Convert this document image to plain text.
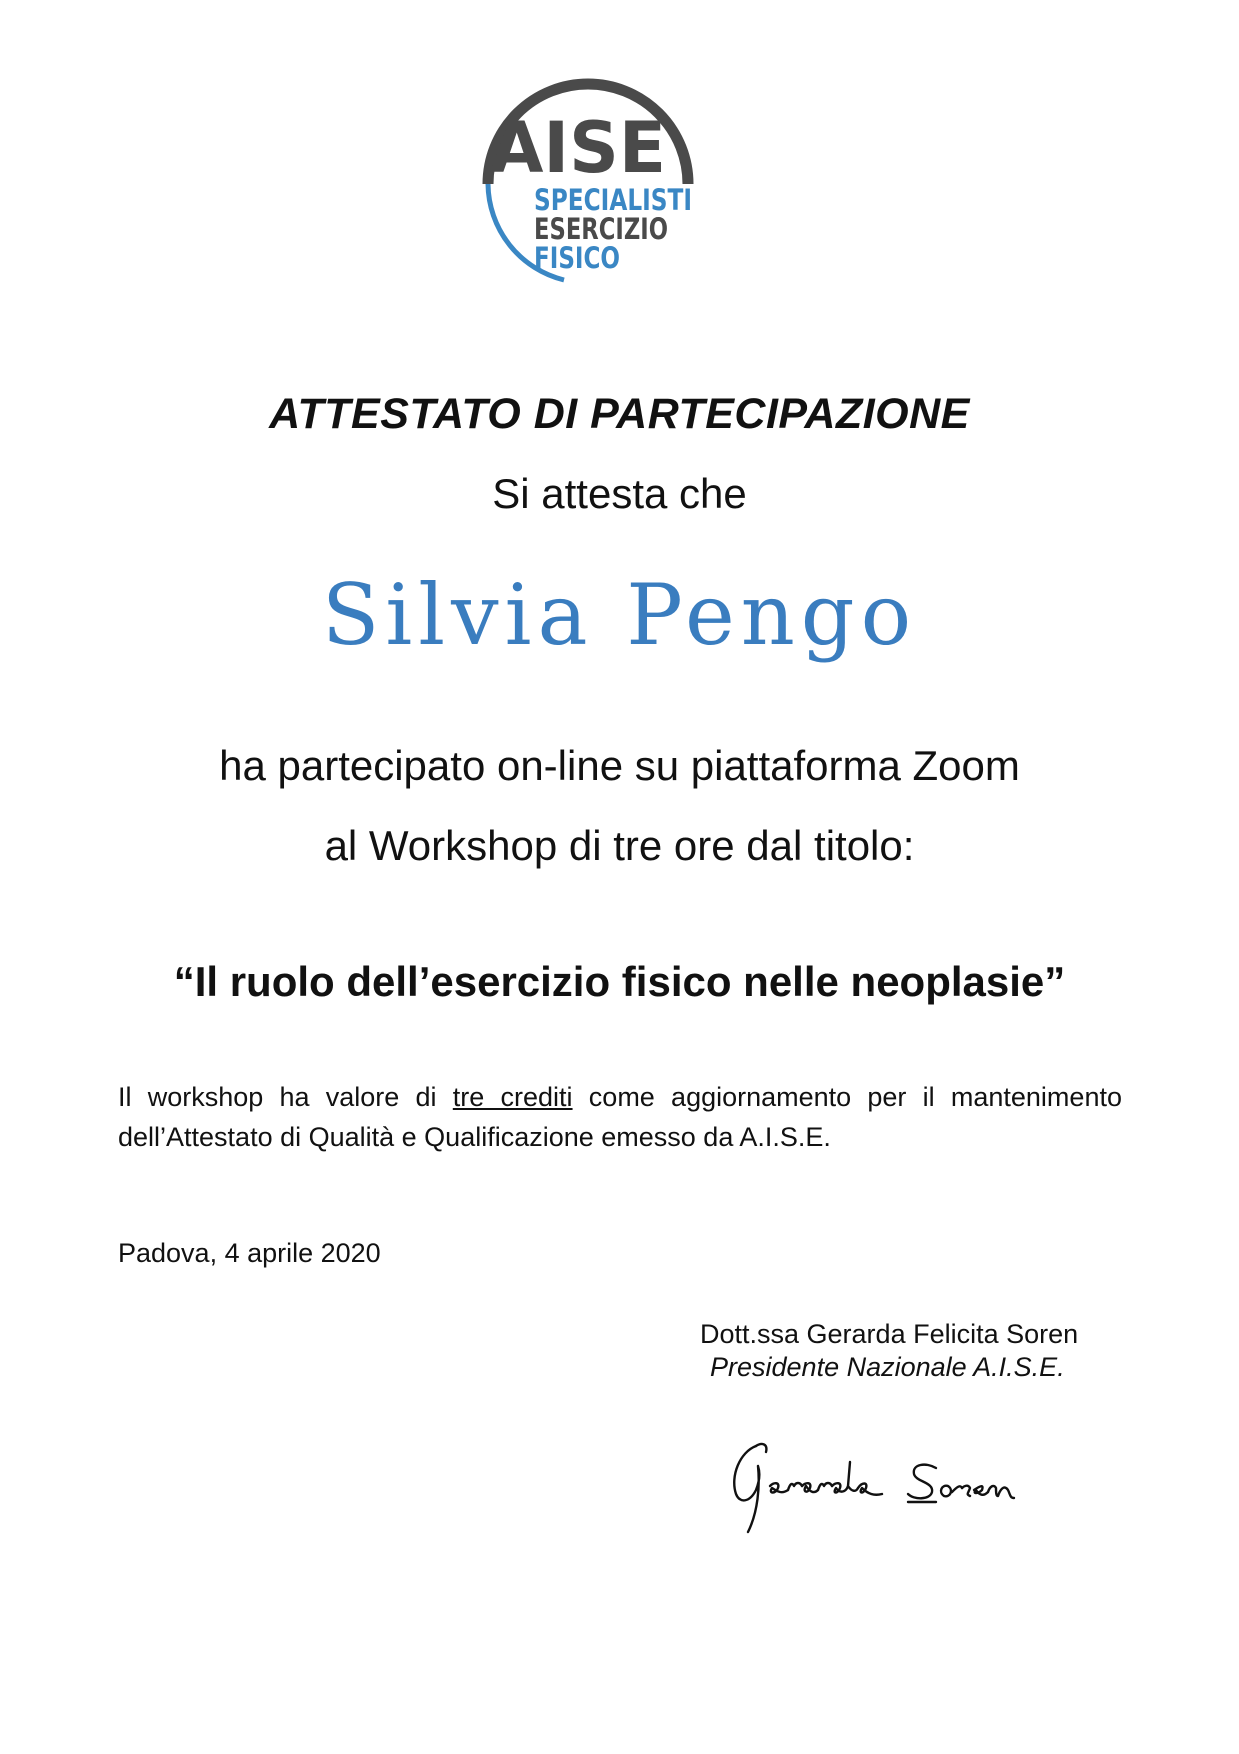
AISE
SPECIALISTI
ESERCIZIO
FISICO
ATTESTATO DI PARTECIPAZIONE
Si attesta che
Silvia Pengo
ha partecipato on-line su piattaforma Zoom
al Workshop di tre ore dal titolo:
“Il ruolo dell’esercizio fisico nelle neoplasie”
Il workshop ha valore di tre crediti come aggiornamento per il mantenimento
dell’Attestato di Qualità e Qualificazione emesso da A.I.S.E.
Padova, 4 aprile 2020
Dott.ssa Gerarda Felicita Soren
Presidente Nazionale A.I.S.E.
